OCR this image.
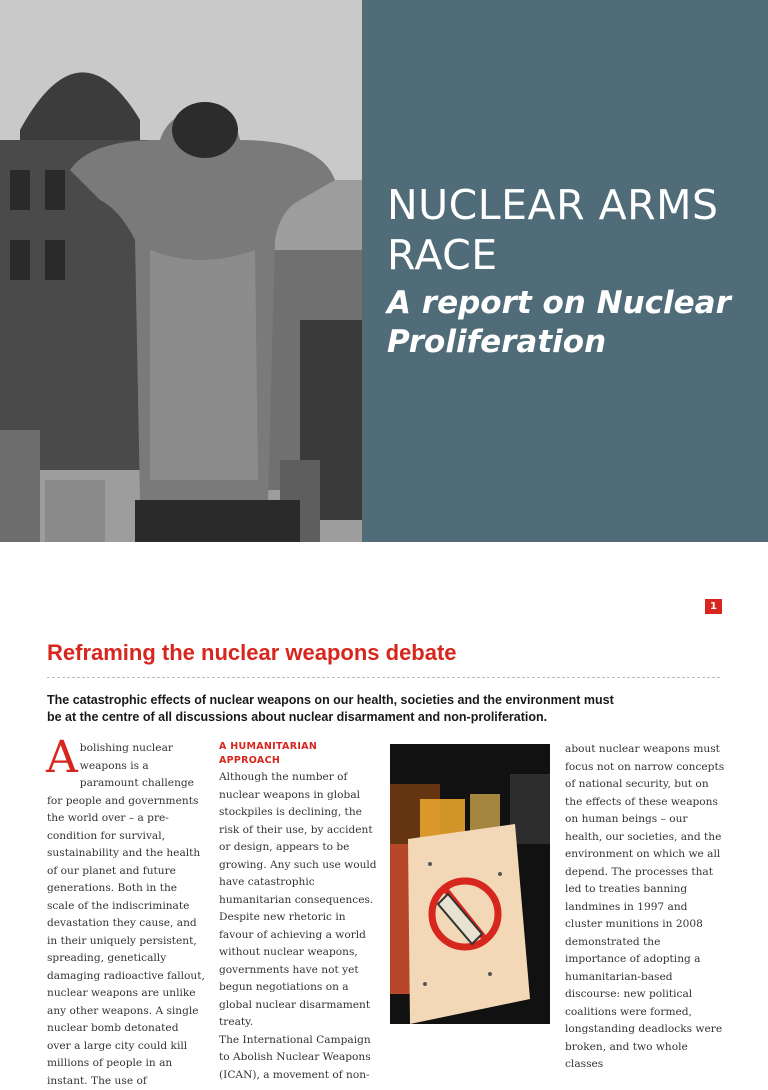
NUCLEAR ARMS RACE
A report on Nuclear Proliferation
1
Reframing the nuclear weapons debate

The catastrophic effects of nuclear weapons on our health, societies and the environment must be at the centre of all discussions about nuclear disarmament and non-proliferation.

Abolishing nuclear weapons is a paramount challenge for people and governments the world over – a pre-condition for survival, sustainability and the health of our planet and future generations. Both in the scale of the indiscriminate devastation they cause, and in their uniquely persistent, spreading, genetically damaging radioactive fallout, nuclear weapons are unlike any other weapons. A single nuclear bomb detonated over a large city could kill millions of people in an instant. The use of
A HUMANITARIAN APPROACH
Although the number of nuclear weapons in global stockpiles is declining, the risk of their use, by accident or design, appears to be growing. Any such use would have catastrophic humanitarian consequences. Despite new rhetoric in favour of achieving a world without nuclear weapons, governments have not yet begun negotiations on a global nuclear disarmament treaty.
The International Campaign to Abolish Nuclear Weapons (ICAN), a movement of non-
about nuclear weapons must focus not on narrow concepts of national security, but on the effects of these weapons on human beings – our health, our societies, and the environment on which we all depend. The processes that led to treaties banning landmines in 1997 and cluster munitions in 2008 demonstrated the importance of adopting a humanitarian-based discourse: new political coalitions were formed, longstanding deadlocks were broken, and two whole classes
